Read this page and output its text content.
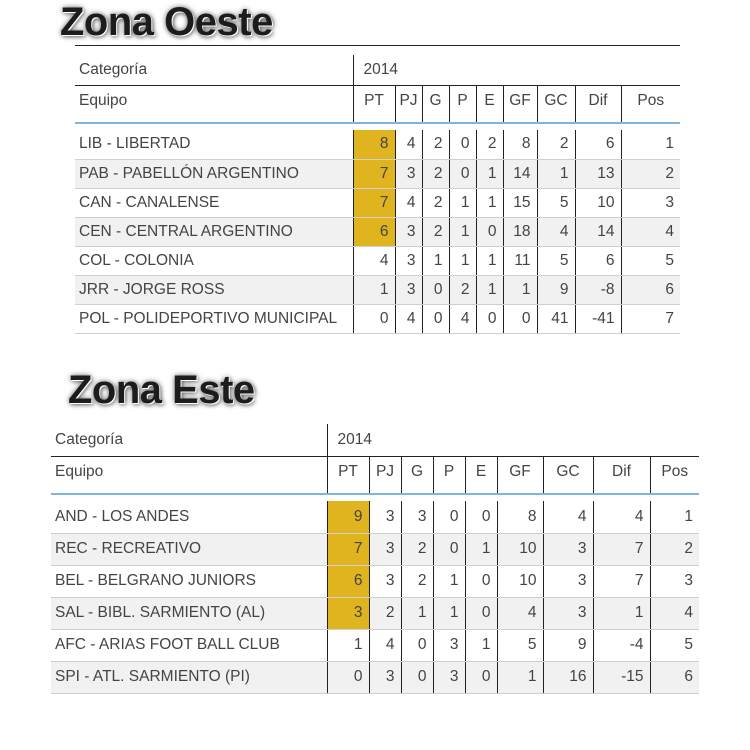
Zona Oeste
Categoría	2014								
Equipo	PT	PJ	G	P	E	GF	GC	Dif	Pos

LIB - LIBERTAD	8	4	2	0	2	8	2	6	1
PAB - PABELLÓN ARGENTINO	7	3	2	0	1	14	1	13	2
CAN - CANALENSE	7	4	2	1	1	15	5	10	3
CEN - CENTRAL ARGENTINO	6	3	2	1	0	18	4	14	4
COL - COLONIA	4	3	1	1	1	11	5	6	5
JRR - JORGE ROSS	1	3	0	2	1	1	9	-8	6
POL - POLIDEPORTIVO MUNICIPAL	0	4	0	4	0	0	41	-41	7
Zona Este
Categoría	2014								
Equipo	PT	PJ	G	P	E	GF	GC	Dif	Pos

AND - LOS ANDES	9	3	3	0	0	8	4	4	1
REC - RECREATIVO	7	3	2	0	1	10	3	7	2
BEL - BELGRANO JUNIORS	6	3	2	1	0	10	3	7	3
SAL - BIBL. SARMIENTO (AL)	3	2	1	1	0	4	3	1	4
AFC - ARIAS FOOT BALL CLUB	1	4	0	3	1	5	9	-4	5
SPI - ATL. SARMIENTO (PI)	0	3	0	3	0	1	16	-15	6
